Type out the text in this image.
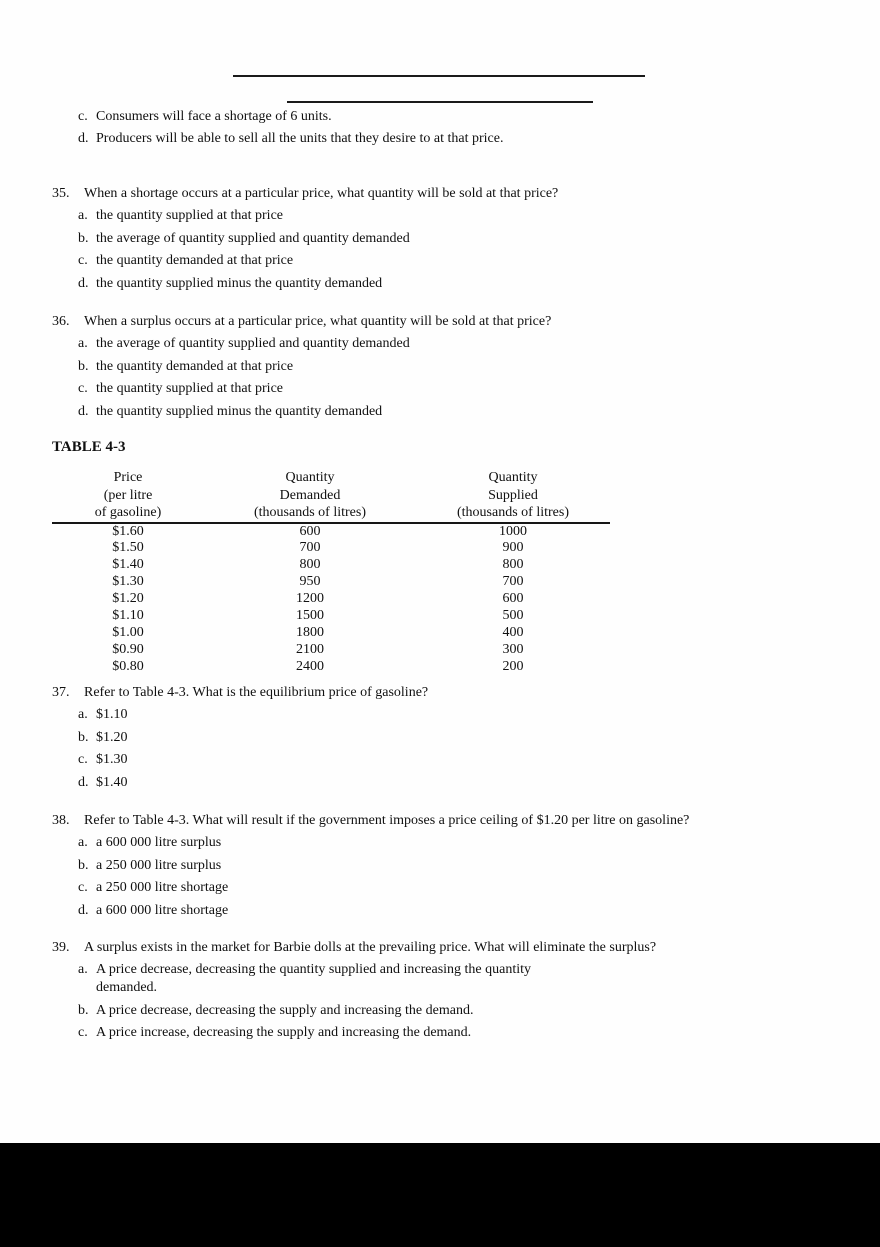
c. Consumers will face a shortage of 6 units.
d. Producers will be able to sell all the units that they desire to at that price.
35.	When a shortage occurs at a particular price, what quantity will be sold at that price?
a. the quantity supplied at that price
b. the average of quantity supplied and quantity demanded
c. the quantity demanded at that price
d. the quantity supplied minus the quantity demanded
36.	When a surplus occurs at a particular price, what quantity will be sold at that price?
a. the average of quantity supplied and quantity demanded
b. the quantity demanded at that price
c. the quantity supplied at that price
d. the quantity supplied minus the quantity demanded
TABLE 4-3
Price
(per litre
of gasoline)

Quantity
Demanded
(thousands of litres)

Quantity
Supplied
(thousands of litres)

$1.60	600	1000
$1.50	700	900
$1.40	800	800
$1.30	950	700
$1.20	1200	600
$1.10	1500	500
$1.00	1800	400
$0.90	2100	300
$0.80	2400	200
37.	Refer to Table 4-3. What is the equilibrium price of gasoline?
a. $1.10
b. $1.20
c. $1.30
d. $1.40
38.	Refer to Table 4-3. What will result if the government imposes a price ceiling of $1.20 per litre on gasoline?
a. a 600 000 litre surplus
b. a 250 000 litre surplus
c. a 250 000 litre shortage
d. a 600 000 litre shortage
39.	A surplus exists in the market for Barbie dolls at the prevailing price. What will eliminate the surplus?
a. A price decrease, decreasing the quantity supplied and increasing the quantity demanded.
b. A price decrease, decreasing the supply and increasing the demand.
c. A price increase, decreasing the supply and increasing the demand.
